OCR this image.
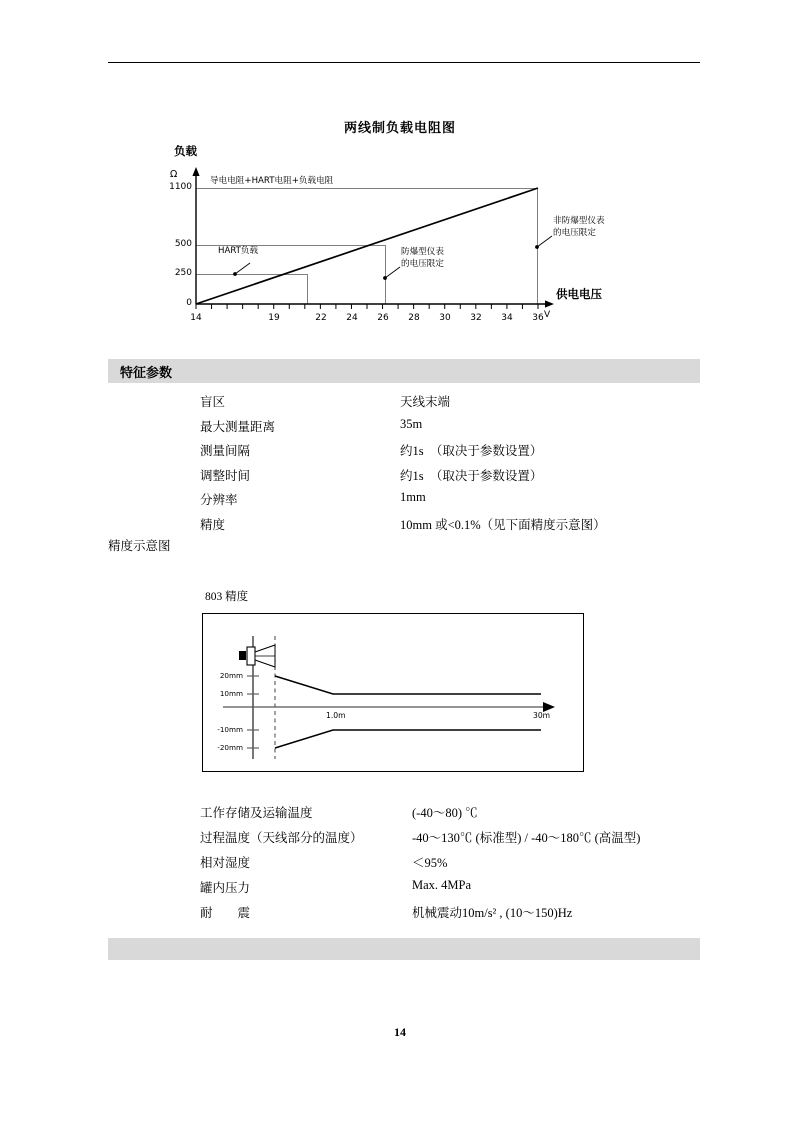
两线制负载电阻图
负载
供电电压
Ω
V
1100
500
250
0
14	19	22	24	26	28	30	32	34	36
导电电阻+HART电阻+负载电阻
HART负载	防爆型仪表
的电压限定
非防爆型仪表
的电压限定
特征参数
盲区	天线末端
最大测量距离	35m
测量间隔	约1s　（取决于参数设置）
调整时间	约1s　（取决于参数设置）
分辨率	1mm
精度	10mm 或<0.1%（见下面精度示意图）
精度示意图
803 精度
20mm
10mm
-10mm
-20mm
1.0m	30m
工作存储及运输温度	(-40～80) ℃
过程温度（天线部分的温度）	-40～130℃ (标准型) / -40～180℃ (高温型)
相对湿度	＜95%
罐内压力	Max. 4MPa
耐　　震	机械震动10m/s² , (10～150)Hz
14
